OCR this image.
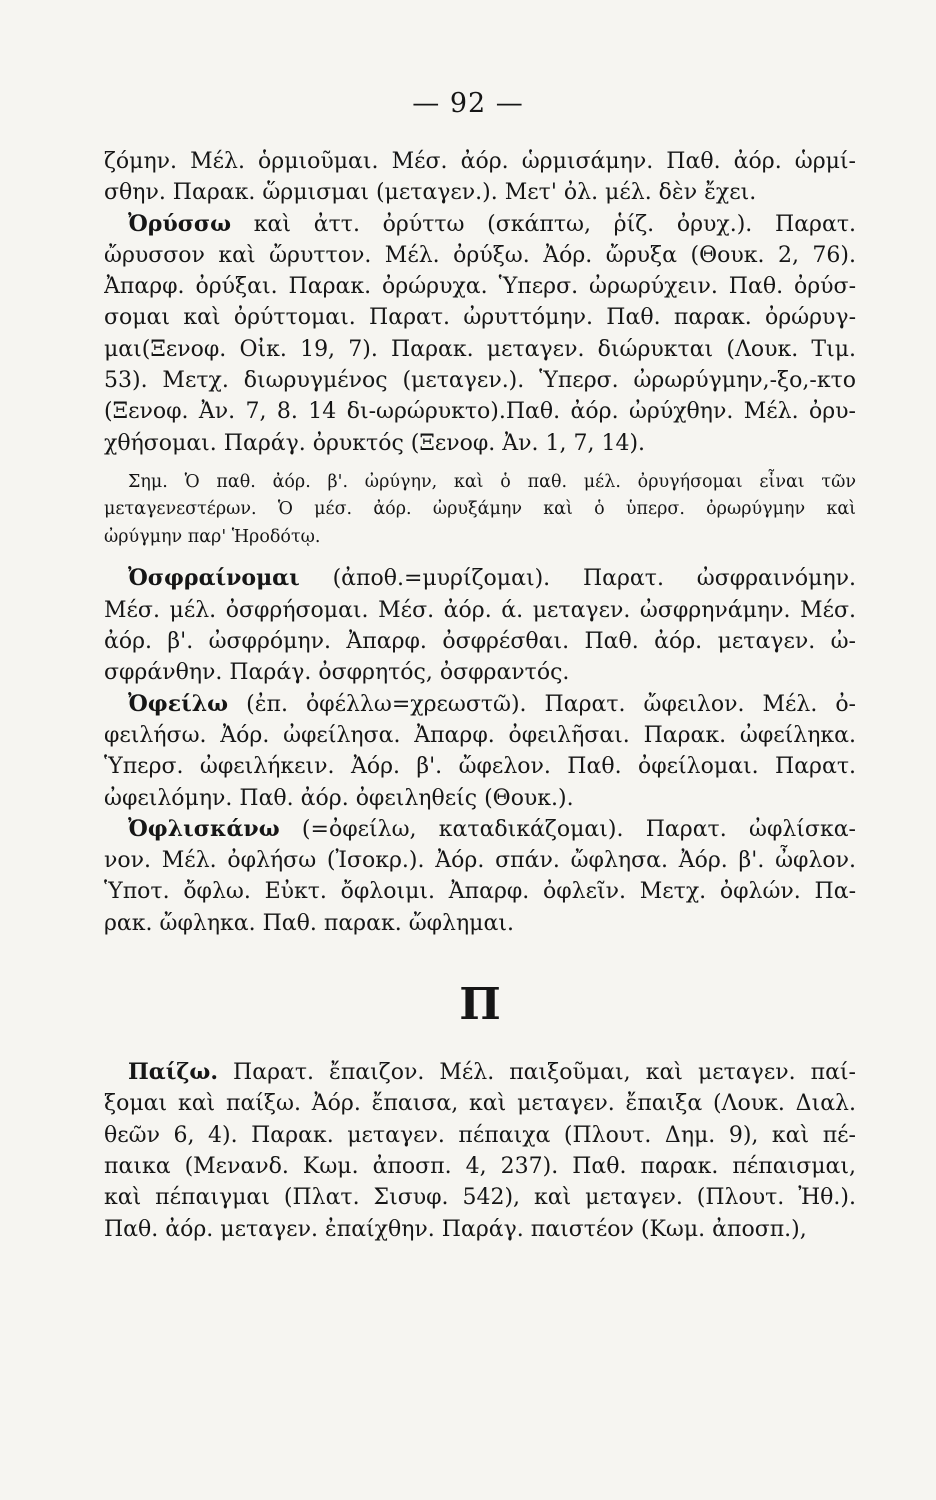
— 92 —
ζόμην. Μέλ. ὁρμιοῦμαι. Μέσ. ἀόρ. ὡρμισάμην. Παθ. ἀόρ. ὡρμί-
σθην. Παρακ. ὥρμισμαι (μεταγεν.). Μετ' ὀλ. μέλ. δὲν ἔχει.
Ὀρύσσω καὶ ἀττ. ὀρύττω (σκάπτω, ῥίζ. ὀρυχ.). Παρατ.
ὤρυσσον καὶ ὤρυττον. Μέλ. ὀρύξω. Ἀόρ. ὤρυξα (Θουκ. 2, 76).
Ἀπαρφ. ὀρύξαι. Παρακ. ὀρώρυχα. Ὑπερσ. ὠρωρύχειν. Παθ. ὀρύσ-
σομαι καὶ ὀρύττομαι. Παρατ. ὠρυττόμην. Παθ. παρακ. ὀρώρυγ-
μαι(Ξενοφ. Οἰκ. 19, 7). Παρακ. μεταγεν. διώρυκται (Λουκ. Τιμ.
53). Μετχ. διωρυγμένος (μεταγεν.). Ὑπερσ. ὠρωρύγμην,-ξο,-κτο
(Ξενοφ. Ἀν. 7, 8. 14 δι-ωρώρυκτο).Παθ. ἀόρ. ὠρύχθην. Μέλ. ὀρυ-
χθήσομαι. Παράγ. ὀρυκτός (Ξενοφ. Ἀν. 1, 7, 14).
Σημ. Ὁ παθ. ἀόρ. β'. ὠρύγην, καὶ ὁ παθ. μέλ. ὀρυγήσομαι εἶναι τῶν
μεταγενεστέρων. Ὁ μέσ. ἀόρ. ὠρυξάμην καὶ ὁ ὑπερσ. ὀρωρύγμην καὶ
ὠρύγμην παρ' Ἡροδότῳ.
Ὀσφραίνομαι (ἀποθ.=μυρίζομαι). Παρατ. ὠσφραινόμην.
Μέσ. μέλ. ὀσφρήσομαι. Μέσ. ἀόρ. ά. μεταγεν. ὠσφρηνάμην. Μέσ.
ἀόρ. β'. ὠσφρόμην. Ἀπαρφ. ὀσφρέσθαι. Παθ. ἀόρ. μεταγεν. ὠ-
σφράνθην. Παράγ. ὀσφρητός, ὀσφραντός.
Ὀφείλω (ἐπ. ὀφέλλω=χρεωστῶ). Παρατ. ὤφειλον. Μέλ. ὀ-
φειλήσω. Ἀόρ. ὠφείλησα. Ἀπαρφ. ὀφειλῆσαι. Παρακ. ὠφείληκα.
Ὑπερσ. ὠφειλήκειν. Ἀόρ. β'. ὤφελον. Παθ. ὀφείλομαι. Παρατ.
ὠφειλόμην. Παθ. ἀόρ. ὀφειληθείς (Θουκ.).
Ὀφλισκάνω (=ὀφείλω, καταδικάζομαι). Παρατ. ὠφλίσκα-
νον. Μέλ. ὀφλήσω (Ἰσοκρ.). Ἀόρ. σπάν. ὤφλησα. Ἀόρ. β'. ὦφλον.
Ὑποτ. ὄφλω. Εὐκτ. ὄφλοιμι. Ἀπαρφ. ὀφλεῖν. Μετχ. ὀφλών. Πα-
ρακ. ὤφληκα. Παθ. παρακ. ὤφλημαι.
Π
Παίζω. Παρατ. ἔπαιζον. Μέλ. παιξοῦμαι, καὶ μεταγεν. παί-
ξομαι καὶ παίξω. Ἀόρ. ἔπαισα, καὶ μεταγεν. ἔπαιξα (Λουκ. Διαλ.
θεῶν 6, 4). Παρακ. μεταγεν. πέπαιχα (Πλουτ. Δημ. 9), καὶ πέ-
παικα (Μενανδ. Κωμ. ἀποσπ. 4, 237). Παθ. παρακ. πέπαισμαι,
καὶ πέπαιγμαι (Πλατ. Σισυφ. 542), καὶ μεταγεν. (Πλουτ. Ἠθ.).
Παθ. ἀόρ. μεταγεν. ἐπαίχθην. Παράγ. παιστέον (Κωμ. ἀποσπ.),
